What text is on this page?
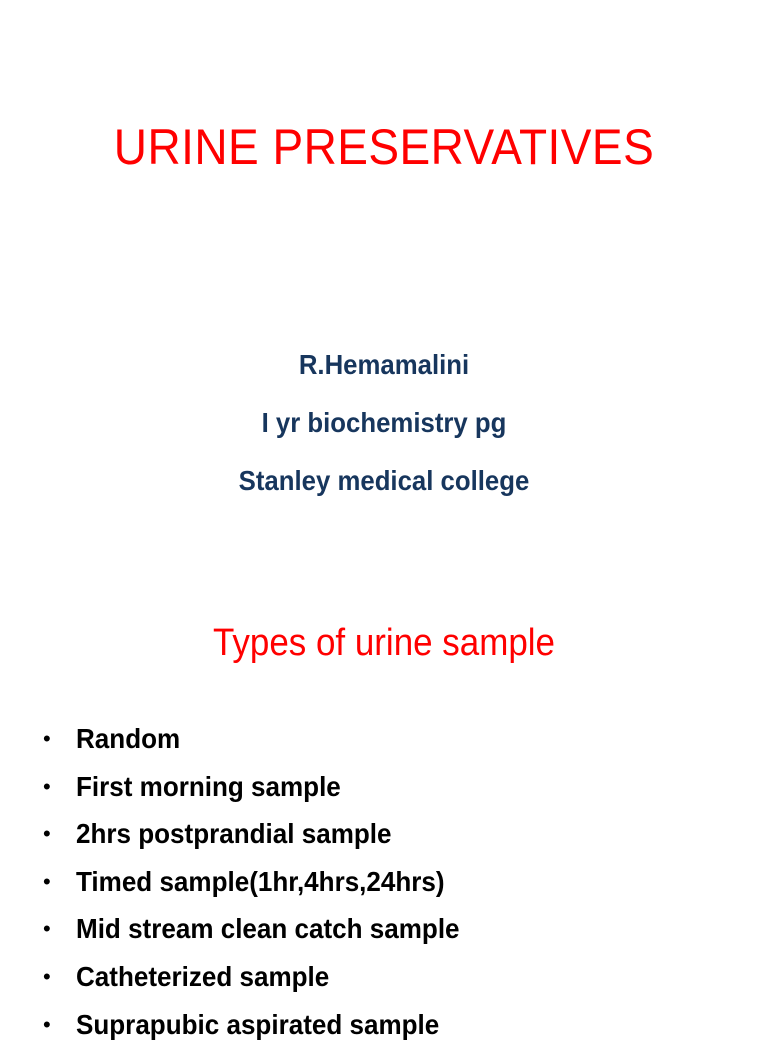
URINE PRESERVATIVES
R.Hemamalini
I yr biochemistry pg
Stanley medical college
Types of urine sample
• Random
• First morning sample
• 2hrs postprandial sample
• Timed sample(1hr,4hrs,24hrs)
• Mid stream clean catch sample
• Catheterized sample
• Suprapubic aspirated sample
